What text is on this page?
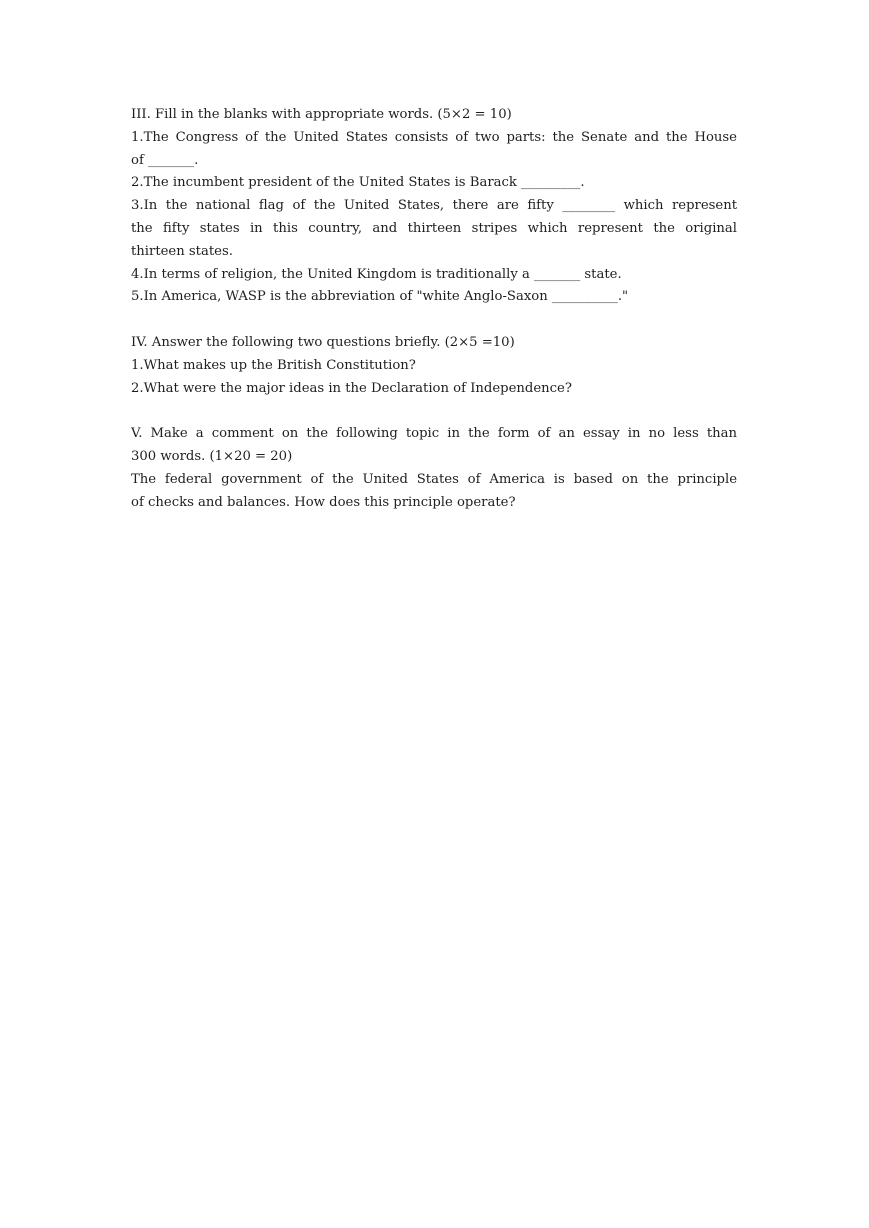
III. Fill in the blanks with appropriate words. (5×2 = 10)
1.The Congress of the United States consists of two parts: the Senate and the House
of _______.
2.The incumbent president of the United States is Barack _________.
3.In the national flag of the United States, there are fifty ________ which represent
the fifty states in this country, and thirteen stripes which represent the original
thirteen states.
4.In terms of religion, the United Kingdom is traditionally a _______ state.
5.In America, WASP is the abbreviation of "white Anglo-Saxon __________."
IV. Answer the following two questions briefly. (2×5 =10)
1.What makes up the British Constitution?
2.What were the major ideas in the Declaration of Independence?
V. Make a comment on the following topic in the form of an essay in no less than
300 words. (1×20 = 20)
The federal government of the United States of America is based on the principle
of checks and balances. How does this principle operate?
